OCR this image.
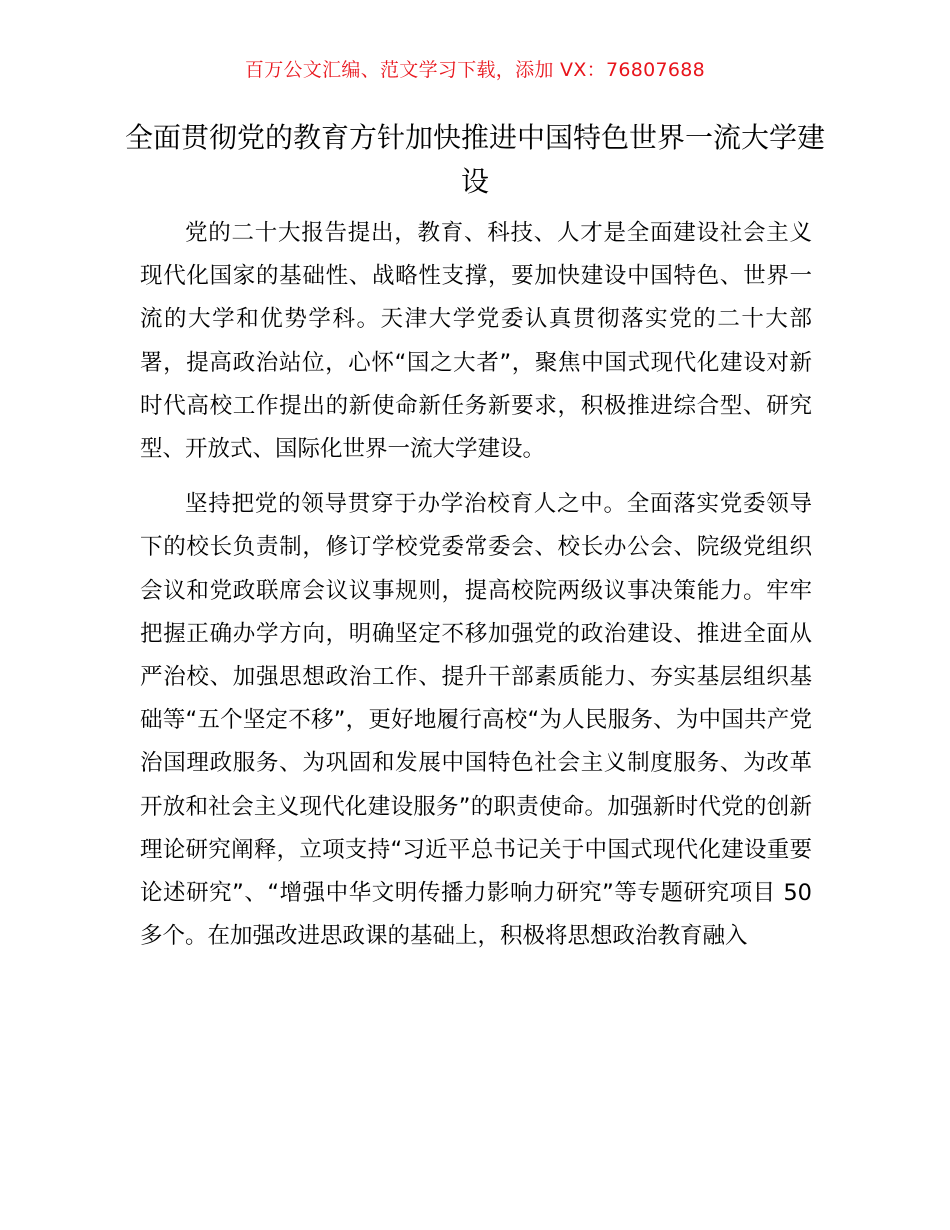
百万公文汇编、范文学习下载，添加 VX：76807688
全面贯彻党的教育方针加快推进中国特色世界一流大学建设

党的二十大报告提出，教育、科技、人才是全面建设社会主义现代化国家的基础性、战略性支撑，要加快建设中国特色、世界一流的大学和优势学科。天津大学党委认真贯彻落实党的二十大部署，提高政治站位，心怀“国之大者”，聚焦中国式现代化建设对新时代高校工作提出的新使命新任务新要求，积极推进综合型、研究型、开放式、国际化世界一流大学建设。

坚持把党的领导贯穿于办学治校育人之中。全面落实党委领导下的校长负责制，修订学校党委常委会、校长办公会、院级党组织会议和党政联席会议议事规则，提高校院两级议事决策能力。牢牢把握正确办学方向，明确坚定不移加强党的政治建设、推进全面从严治校、加强思想政治工作、提升干部素质能力、夯实基层组织基础等“五个坚定不移”，更好地履行高校“为人民服务、为中国共产党治国理政服务、为巩固和发展中国特色社会主义制度服务、为改革开放和社会主义现代化建设服务”的职责使命。加强新时代党的创新理论研究阐释，立项支持“习近平总书记关于中国式现代化建设重要论述研究”、“增强中华文明传播力影响力研究”等专题研究项目 50 多个。在加强改进思政课的基础上，积极将思想政治教育融入
